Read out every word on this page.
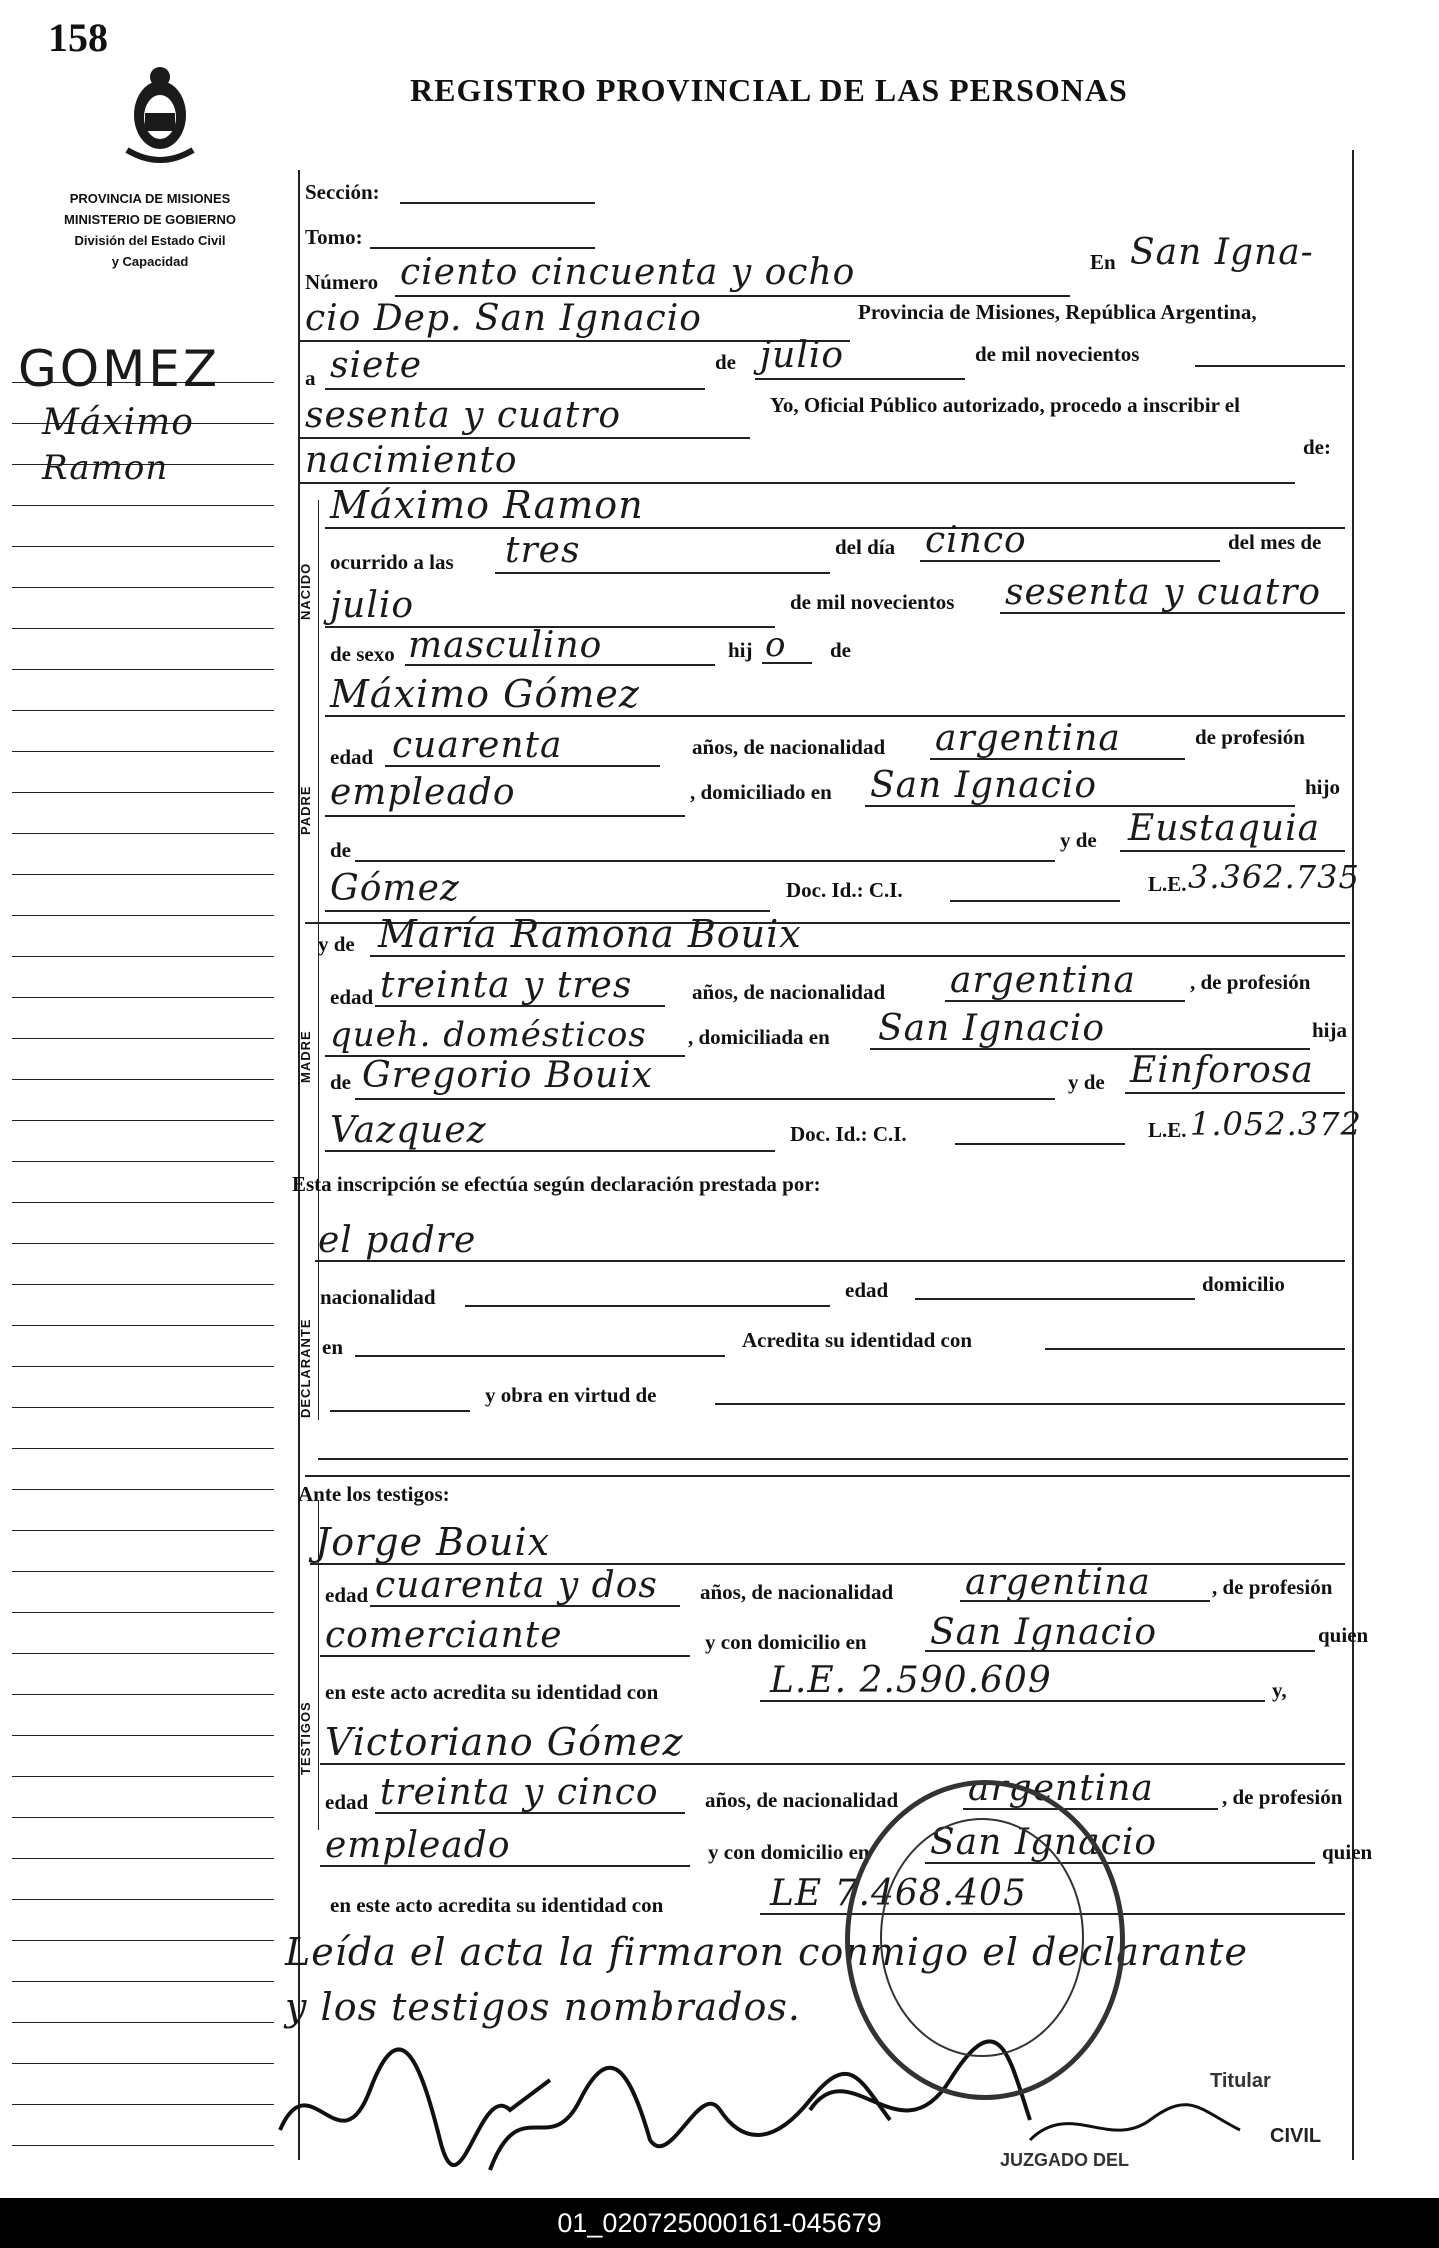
158
REGISTRO PROVINCIAL DE LAS PERSONAS
PROVINCIA DE MISIONES
MINISTERIO DE GOBIERNO
División del Estado Civil
y Capacidad
GOMEZ
Máximo
Ramon
NACIDO
PADRE
MADRE
DECLARANTE
TESTIGOS
Sección:
Tomo:
Número ciento cincuenta y ocho	En San Igna-
cio Dep. San Ignacio	Provincia de Misiones, República Argentina,
a siete	de julio	de mil novecientos
sesenta y cuatro	Yo, Oficial Público autorizado, procedo a inscribir el
nacimiento	de:
Máximo Ramon
ocurrido a las tres	del día cinco	del mes de
julio	de mil novecientos sesenta y cuatro
de sexo masculino	hij o de
Máximo Gómez
edad cuarenta	años, de nacionalidad argentina	de profesión
empleado	, domiciliado en San Ignacio	hijo
de	y de Eustaquia
Gómez	Doc. Id.: C.I.	L.E. 3.362.735
y de María Ramona Bouix
edad treinta y tres	años, de nacionalidad argentina	, de profesión
queh. domésticos , domiciliada en San Ignacio	hija
de Gregorio Bouix	y de Einforosa
Vazquez	Doc. Id.: C.I.	L.E. 1.052.372
Esta inscripción se efectúa según declaración prestada por:
el padre
nacionalidad	edad	domicilio
en	Acredita su identidad con
y obra en virtud de
Ante los testigos:
Jorge Bouix
edad cuarenta y dos años, de nacionalidad argentina	, de profesión
comerciante	y con domicilio en San Ignacio	quien
en este acto acredita su identidad con	L.E. 2.590.609	y,
Victoriano Gómez
edad treinta y cinco años, de nacionalidad argentina	, de profesión
empleado	y con domicilio en San Ignacio	quien
en este acto acredita su identidad con	LE 7.468.405
Leída el acta la firmaron conmigo el declarante
y los testigos nombrados.
Titular
CIVIL
JUZGADO DEL
01_020725000161-045679
